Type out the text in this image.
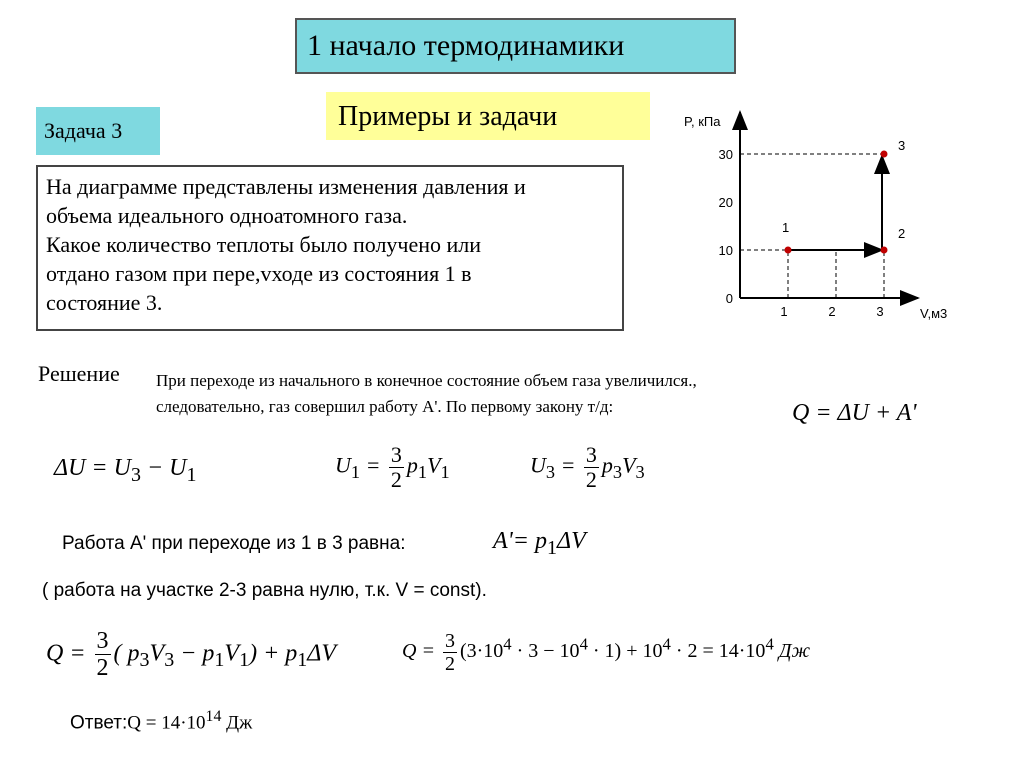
1 начало термодинамики
Примеры и задачи
Задача 3
На диаграмме представлены изменения давления и
объема идеального одноатомного газа.
Какое количество теплоты было получено или
отдано газом при пере,vходе из состояния 1 в
состояние 3.
Решение При переходе из начального в конечное состояние объем газа увеличился.,
следовательно, газ совершил работу А'. По первому закону т/д:	Q = ΔU + A'
$\Delta U = U_3 - U_1$	$U_1 = \frac{3}{2} p_1V_1$	$U_3 = \frac{3}{2} p_3V_3$
Работа А' при переходе из 1 в 3 равна:	$A'= p_1\Delta V$
( работа на участке 2-3 равна нулю, т.к. V = const).
$Q = \frac{3}{2}$ ( $p_3V_3 - p_1V_1) + p_1\Delta V$	$Q = \frac{3}{2} (3\cdot 10^4 \cdot 3 - 10^4 \cdot 1) + 10^4 \cdot 2 = 14\cdot 10^4$ Дж
Ответ:Q = $14\cdot 10^{14}$ Дж
P, кПа
V,м3
0
10
20
30
1	2	3
1	2
3
